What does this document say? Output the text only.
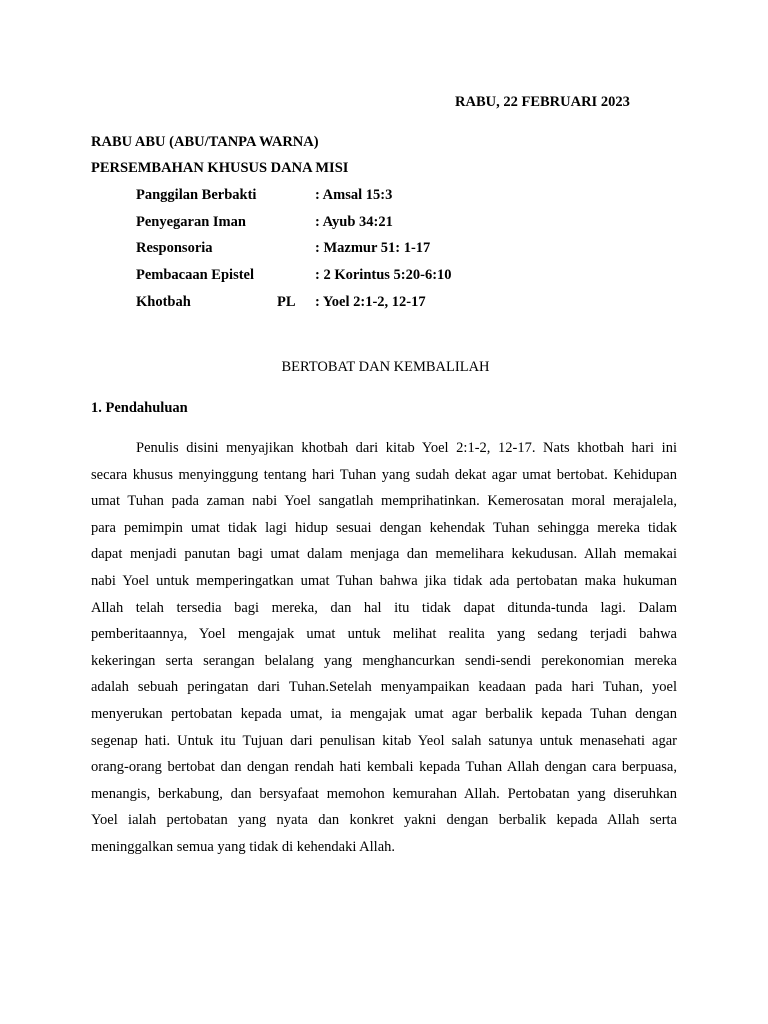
RABU, 22 FEBRUARI 2023
RABU ABU (ABU/TANPA WARNA)
PERSEMBAHAN KHUSUS DANA MISI
Panggilan Berbakti	: Amsal 15:3
Penyegaran Iman	: Ayub 34:21
Responsoria	: Mazmur 51: 1-17
Pembacaan Epistel	: 2 Korintus 5:20-6:10
Khotbah	PL : Yoel 2:1-2, 12-17
BERTOBAT DAN KEMBALILAH
1. Pendahuluan
Penulis disini menyajikan khotbah dari kitab Yoel 2:1-2, 12-17. Nats khotbah hari ini
secara khusus menyinggung tentang hari Tuhan yang sudah dekat agar umat bertobat. Kehidupan
umat Tuhan pada zaman nabi Yoel sangatlah memprihatinkan. Kemerosatan moral merajalela,
para pemimpin umat tidak lagi hidup sesuai dengan kehendak Tuhan sehingga mereka tidak
dapat menjadi panutan bagi umat dalam menjaga dan memelihara kekudusan. Allah memakai
nabi Yoel untuk memperingatkan umat Tuhan bahwa jika tidak ada pertobatan maka hukuman
Allah telah tersedia bagi mereka, dan hal itu tidak dapat ditunda-tunda lagi. Dalam
pemberitaannya, Yoel mengajak umat untuk melihat realita yang sedang terjadi bahwa
kekeringan serta serangan belalang yang menghancurkan sendi-sendi perekonomian mereka
adalah sebuah peringatan dari Tuhan.Setelah menyampaikan keadaan pada hari Tuhan, yoel
menyerukan pertobatan kepada umat, ia mengajak umat agar berbalik kepada Tuhan dengan
segenap hati. Untuk itu Tujuan dari penulisan kitab Yeol salah satunya untuk menasehati agar
orang-orang bertobat dan dengan rendah hati kembali kepada Tuhan Allah dengan cara berpuasa,
menangis, berkabung, dan bersyafaat memohon kemurahan Allah. Pertobatan yang diseruhkan
Yoel ialah pertobatan yang nyata dan konkret yakni dengan berbalik kepada Allah serta
meninggalkan semua yang tidak di kehendaki Allah.
